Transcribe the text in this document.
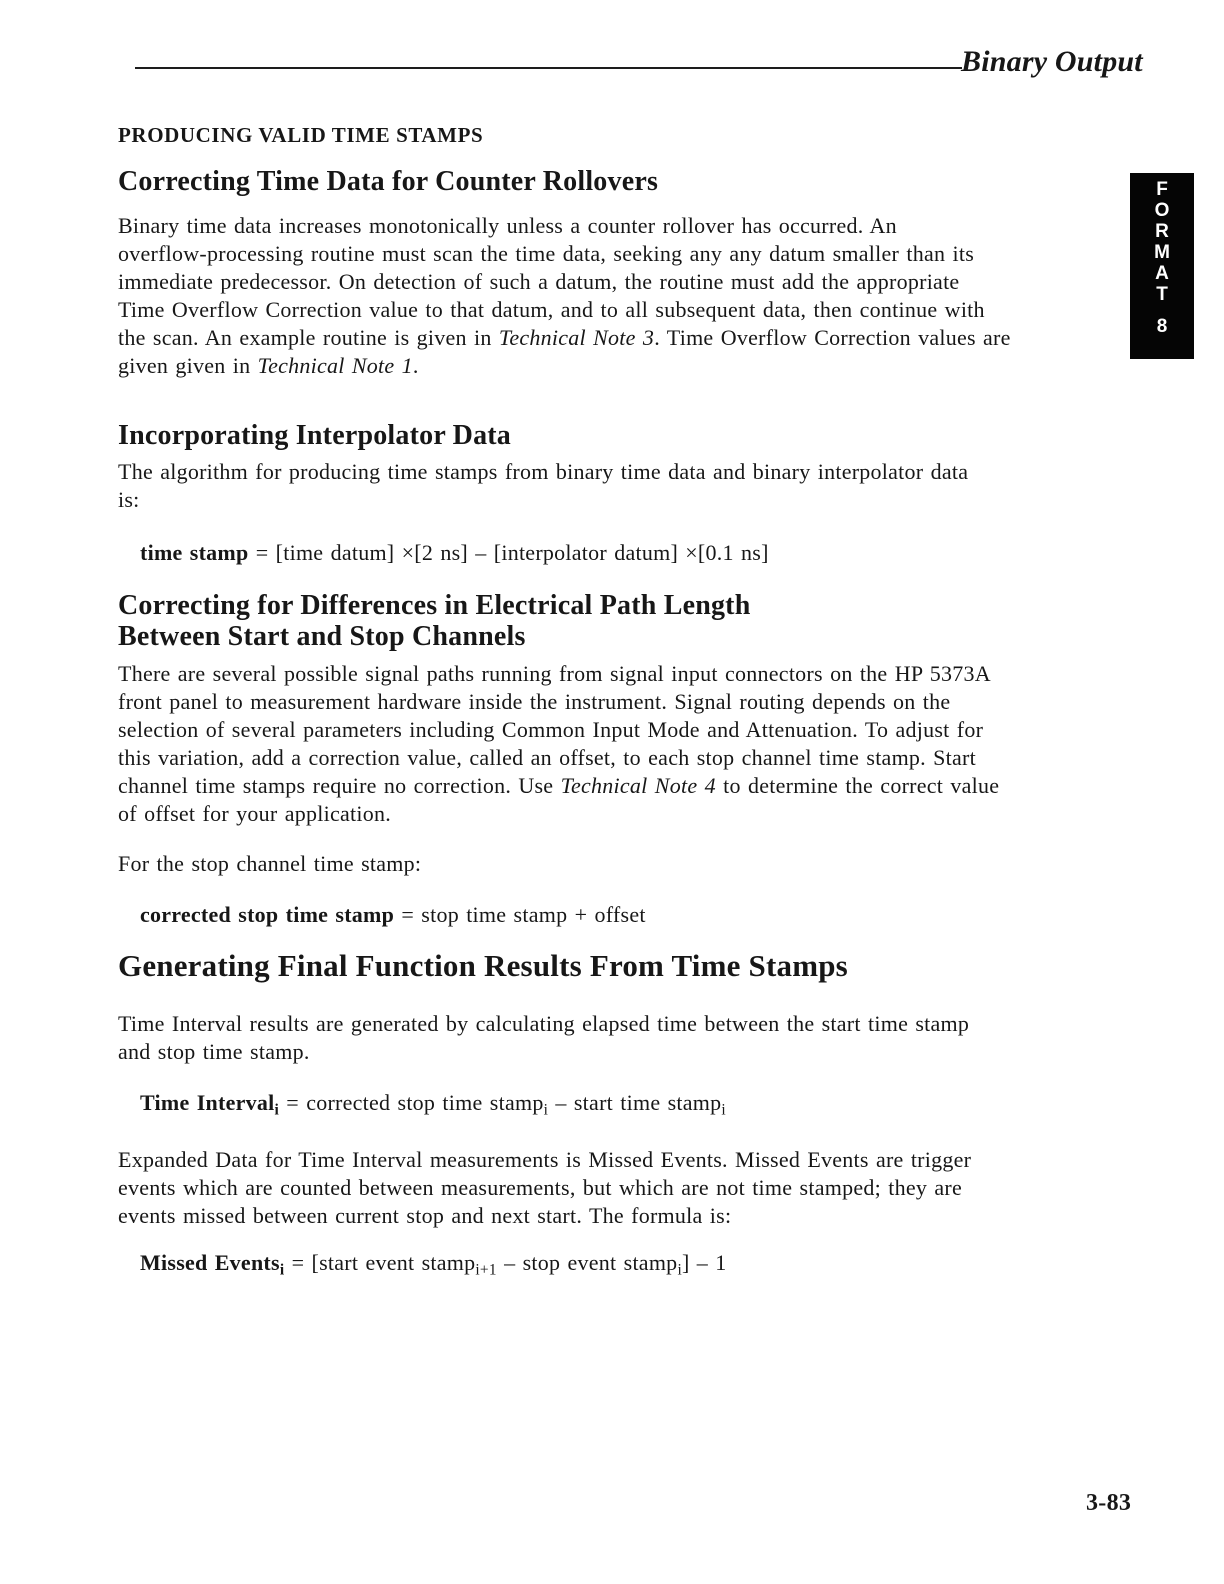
Binary Output
F
O
R
M
A
T
8
PRODUCING VALID TIME STAMPS
Correcting Time Data for Counter Rollovers
Binary time data increases monotonically unless a counter rollover has occurred. An
overflow-processing routine must scan the time data, seeking any any datum smaller than its
immediate predecessor. On detection of such a datum, the routine must add the appropriate
Time Overflow Correction value to that datum, and to all subsequent data, then continue with
the scan. An example routine is given in Technical Note 3. Time Overflow Correction values are
given given in Technical Note 1.
Incorporating Interpolator Data
The algorithm for producing time stamps from binary time data and binary interpolator data
is:
time stamp = [time datum] ×[2 ns] – [interpolator datum] ×[0.1 ns]
Correcting for Differences in Electrical Path Length
Between Start and Stop Channels
There are several possible signal paths running from signal input connectors on the HP 5373A
front panel to measurement hardware inside the instrument. Signal routing depends on the
selection of several parameters including Common Input Mode and Attenuation. To adjust for
this variation, add a correction value, called an offset, to each stop channel time stamp. Start
channel time stamps require no correction. Use Technical Note 4 to determine the correct value
of offset for your application.
For the stop channel time stamp:
corrected stop time stamp = stop time stamp + offset
Generating Final Function Results From Time Stamps
Time Interval results are generated by calculating elapsed time between the start time stamp
and stop time stamp.
Time Intervali = corrected stop time stampi – start time stampi
Expanded Data for Time Interval measurements is Missed Events. Missed Events are trigger
events which are counted between measurements, but which are not time stamped; they are
events missed between current stop and next start. The formula is:
Missed Eventsi = [start event stampi+1 – stop event stampi] – 1
3-83
